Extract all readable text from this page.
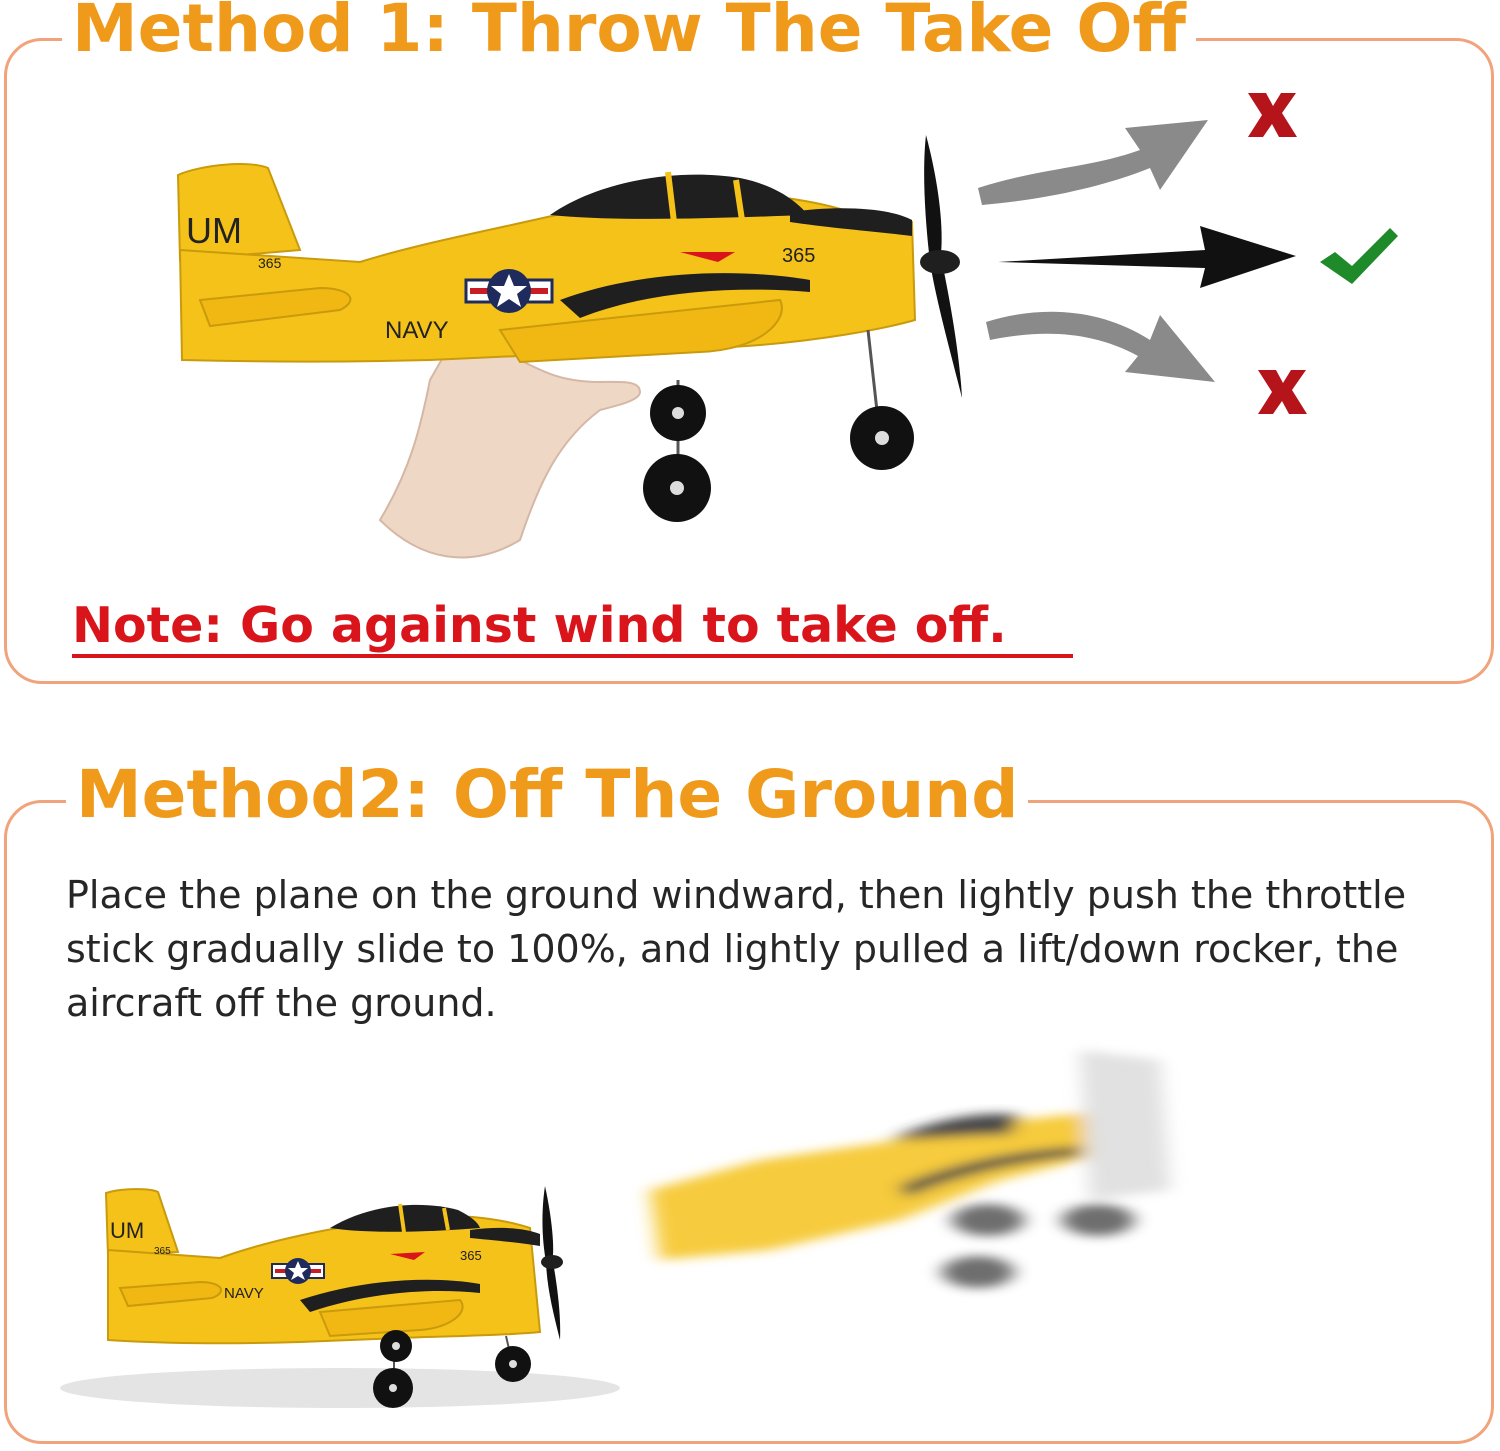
Method 1: Throw The Take Off
UM
365	365
NAVY
Note: Go against wind to take off.
Method2: Off The Ground
Place the plane on the ground windward, then lightly push the throttle stick gradually slide to 100%, and lightly pulled a lift/down rocker, the aircraft off the ground.
UM
365	365
NAVY
